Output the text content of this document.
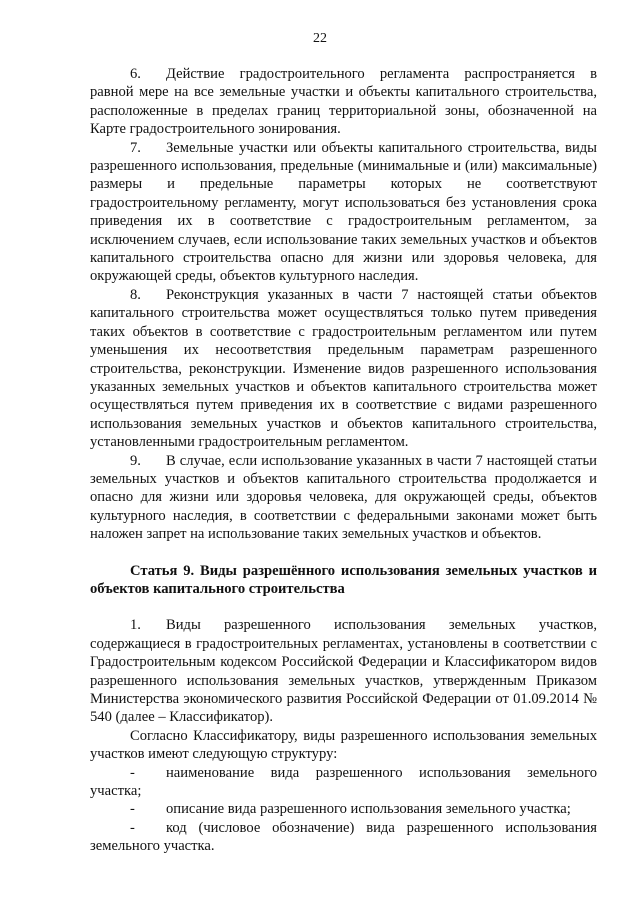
22

6. Действие градостроительного регламента распространяется в равной мере на все земельные участки и объекты капитального строительства, расположенные в пределах границ территориальной зоны, обозначенной на Карте градостроительного зонирования.

7. Земельные участки или объекты капитального строительства, виды разрешенного использования, предельные (минимальные и (или) максимальные) размеры и предельные параметры которых не соответствуют градостроительному регламенту, могут использоваться без установления срока приведения их в соответствие с градостроительным регламентом, за исключением случаев, если использование таких земельных участков и объектов капитального строительства опасно для жизни или здоровья человека, для окружающей среды, объектов культурного наследия.

8. Реконструкция указанных в части 7 настоящей статьи объектов капитального строительства может осуществляться только путем приведения таких объектов в соответствие с градостроительным регламентом или путем уменьшения их несоответствия предельным параметрам разрешенного строительства, реконструкции. Изменение видов разрешенного использования указанных земельных участков и объектов капитального строительства может осуществляться путем приведения их в соответствие с видами разрешенного использования земельных участков и объектов капитального строительства, установленными градостроительным регламентом.

9. В случае, если использование указанных в части 7 настоящей статьи земельных участков и объектов капитального строительства продолжается и опасно для жизни или здоровья человека, для окружающей среды, объектов культурного наследия, в соответствии с федеральными законами может быть наложен запрет на использование таких земельных участков и объектов.

Статья 9. Виды разрешённого использования земельных участков и объектов капитального строительства

1. Виды разрешенного использования земельных участков, содержащиеся в градостроительных регламентах, установлены в соответствии с Градостроительным кодексом Российской Федерации и Классификатором видов разрешенного использования земельных участков, утвержденным Приказом Министерства экономического развития Российской Федерации от 01.09.2014 № 540 (далее – Классификатор).

Согласно Классификатору, виды разрешенного использования земельных участков имеют следующую структуру:

- наименование вида разрешенного использования земельного участка;

- описание вида разрешенного использования земельного участка;

- код (числовое обозначение) вида разрешенного использования земельного участка.
